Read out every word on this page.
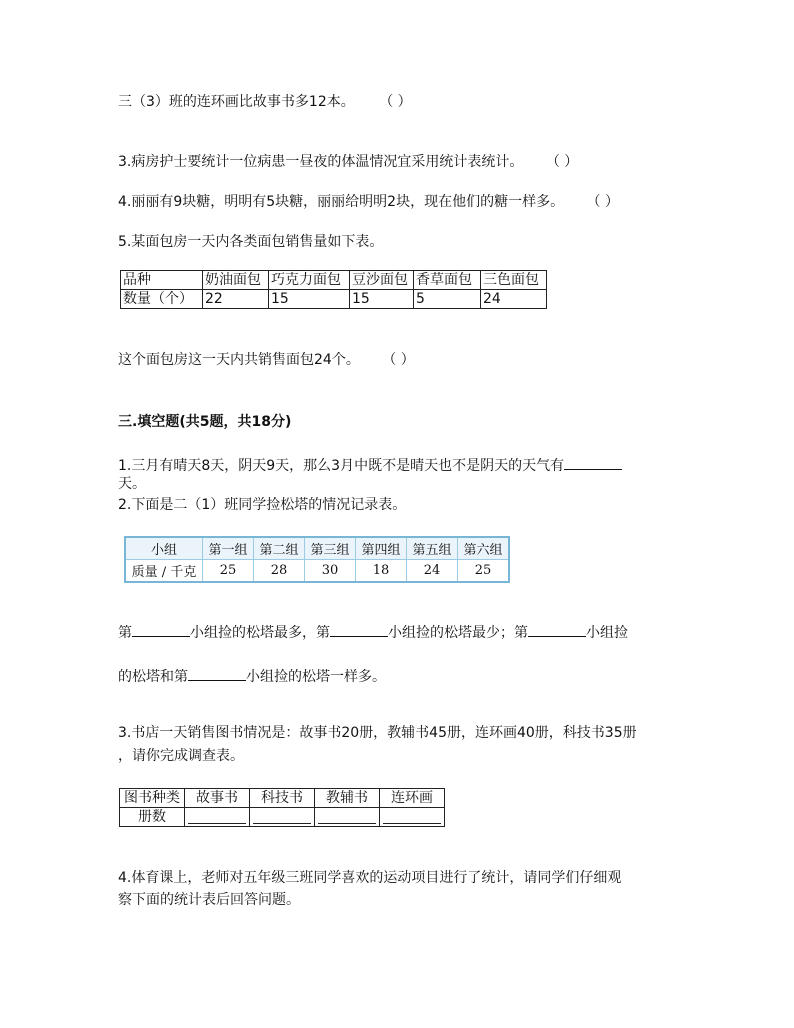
三（3）班的连环画比故事书多12本。 （ ）
3.病房护士要统计一位病患一昼夜的体温情况宜采用统计表统计。 （ ）
4.丽丽有9块糖，明明有5块糖，丽丽给明明2块，现在他们的糖一样多。 （ ）
5.某面包房一天内各类面包销售量如下表。
品种	奶油面包	巧克力面包	豆沙面包	香草面包	三色面包
数量（个）	22	15	15	5	24
这个面包房这一天内共销售面包24个。 （ ）
三.填空题(共5题，共18分)
1.三月有晴天8天，阴天9天，那么3月中既不是晴天也不是阴天的天气有
天。
2.下面是二（1）班同学捡松塔的情况记录表。
小组	第一组	第二组	第三组	第四组	第五组	第六组
质量 / 千克	25	28	30	18	24	25
第	小组捡的松塔最多，第	小组捡的松塔最少；第	小组捡
的松塔和第	小组捡的松塔一样多。
3.书店一天销售图书情况是：故事书20册，教辅书45册，连环画40册，科技书35册
，请你完成调查表。
图书种类	故事书	科技书	教辅书	连环画
册数	

4.体育课上，老师对五年级三班同学喜欢的运动项目进行了统计，请同学们仔细观
察下面的统计表后回答问题。
